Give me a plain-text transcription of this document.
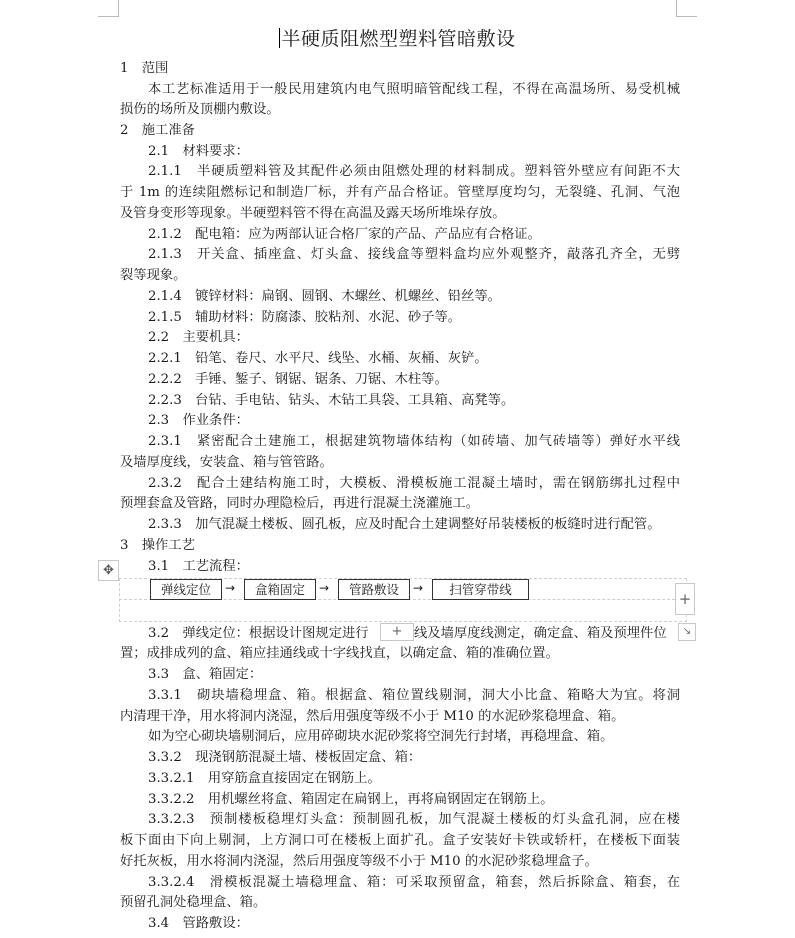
半硬质阻燃型塑料管暗敷设
1　范围
本工艺标准适用于一般民用建筑内电气照明暗管配线工程，不得在高温场所、易受机械
损伤的场所及顶棚内敷设。
2　施工准备
2.1　材料要求：
2.1.1　半硬质塑料管及其配件必须由阻燃处理的材料制成。塑料管外壁应有间距不大
于 1m 的连续阻燃标记和制造厂标，并有产品合格证。管壁厚度均匀，无裂缝、孔洞、气泡
及管身变形等现象。半硬塑料管不得在高温及露天场所堆垛存放。
2.1.2　配电箱：应为两部认证合格厂家的产品、产品应有合格证。
2.1.3　开关盒、插座盒、灯头盒、接线盒等塑料盒均应外观整齐，敲落孔齐全，无劈
裂等现象。
2.1.4　镀锌材料：扁钢、圆钢、木螺丝、机螺丝、铅丝等。
2.1.5　辅助材料：防腐漆、胶粘剂、水泥、砂子等。
2.2　主要机具：
2.2.1　铅笔、卷尺、水平尺、线坠、水桶、灰桶、灰铲。
2.2.2　手锤、錾子、钢锯、锯条、刀锯、木柱等。
2.2.3　台钻、手电钻、钻头、木钻工具袋、工具箱、高凳等。
2.3　作业条件：
2.3.1　紧密配合土建施工，根据建筑物墙体结构（如砖墙、加气砖墙等）弹好水平线
及墙厚度线，安装盒、箱与管管路。
2.3.2　配合土建结构施工时，大模板、滑模板施工混凝土墙时，需在钢筋绑扎过程中
预埋套盒及管路，同时办理隐检后，再进行混凝土浇灌施工。
2.3.3　加气混凝土楼板、圆孔板，应及时配合土建调整好吊装楼板的板缝时进行配管。
3　操作工艺
3.1　工艺流程：
✥
弹线定位	→	盒箱固定	→	管路敷设	→	扫管穿带线
+
3.2　弹线定位：根据设计图规定进行	+ 线及墙厚度线测定，确定盒、箱及预埋件位	↘
置；成排成列的盒、箱应挂通线或十字线找直，以确定盒、箱的准确位置。
3.3　盒、箱固定：
3.3.1　砌块墙稳埋盒、箱。根据盒、箱位置线剔洞，洞大小比盒、箱略大为宜。将洞
内清理干净，用水将洞内浇湿，然后用强度等级不小于 M10 的水泥砂浆稳埋盒、箱。
如为空心砌块墙剔洞后，应用碎砌块水泥砂浆将空洞先行封堵，再稳埋盒、箱。
3.3.2　现浇钢筋混凝土墙、楼板固定盒、箱：
3.3.2.1　用穿筋盒直接固定在钢筋上。
3.3.2.2　用机螺丝将盒、箱固定在扁钢上，再将扁钢固定在钢筋上。
3.3.2.3　预制楼板稳埋灯头盒：预制圆孔板，加气混凝土楼板的灯头盒孔洞，应在楼
板下面由下向上剔洞，上方洞口可在楼板上面扩孔。盒子安装好卡铁或轿杆，在楼板下面装
好托灰板，用水将洞内浇湿，然后用强度等级不小于 M10 的水泥砂浆稳埋盒子。
3.3.2.4　滑模板混凝土墙稳埋盒、箱：可采取预留盒，箱套，然后拆除盒、箱套，在
预留孔洞处稳埋盒、箱。
3.4　管路敷设：
